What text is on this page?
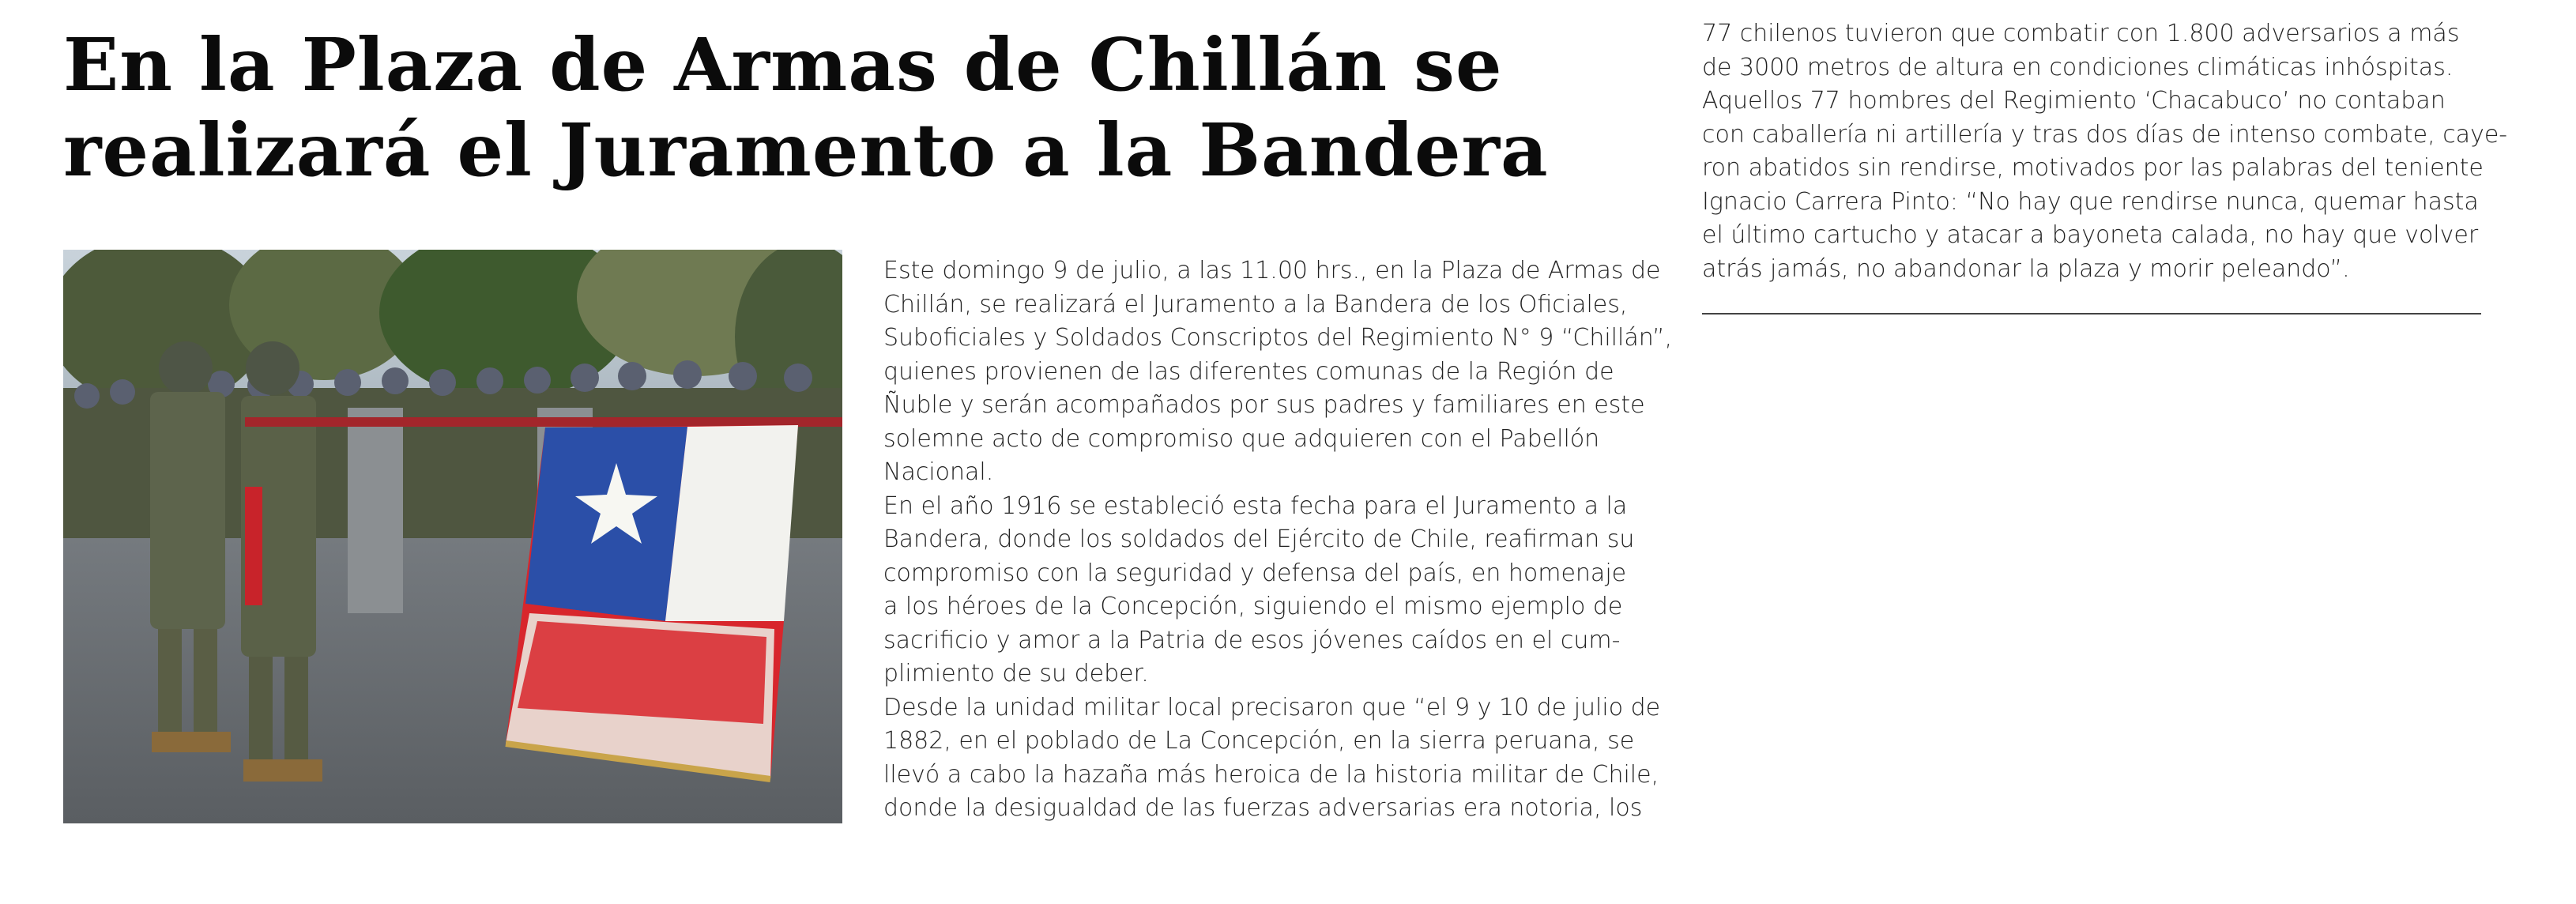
En la Plaza de Armas de Chillán se
realizará el Juramento a la Bandera

Este domingo 9 de julio, a las 11.00 hrs., en la Plaza de Armas de
Chillán, se realizará el Juramento a la Bandera de los Oficiales,
Suboficiales y Soldados Conscriptos del Regimiento N° 9 “Chillán”,
quienes provienen de las diferentes comunas de la Región de
Ñuble y serán acompañados por sus padres y familiares en este
solemne acto de compromiso que adquieren con el Pabellón
Nacional.

En el año 1916 se estableció esta fecha para el Juramento a la
Bandera, donde los soldados del Ejército de Chile, reafirman su
compromiso con la seguridad y defensa del país, en homenaje
a los héroes de la Concepción, siguiendo el mismo ejemplo de
sacrificio y amor a la Patria de esos jóvenes caídos en el cum-
plimiento de su deber.

Desde la unidad militar local precisaron que “el 9 y 10 de julio de
1882, en el poblado de La Concepción, en la sierra peruana, se
llevó a cabo la hazaña más heroica de la historia militar de Chile,
donde la desigualdad de las fuerzas adversarias era notoria, los

77 chilenos tuvieron que combatir con 1.800 adversarios a más
de 3000 metros de altura en condiciones climáticas inhóspitas.
Aquellos 77 hombres del Regimiento ‘Chacabuco’ no contaban
con caballería ni artillería y tras dos días de intenso combate, caye-
ron abatidos sin rendirse, motivados por las palabras del teniente
Ignacio Carrera Pinto: “No hay que rendirse nunca, quemar hasta
el último cartucho y atacar a bayoneta calada, no hay que volver
atrás jamás, no abandonar la plaza y morir peleando”.
